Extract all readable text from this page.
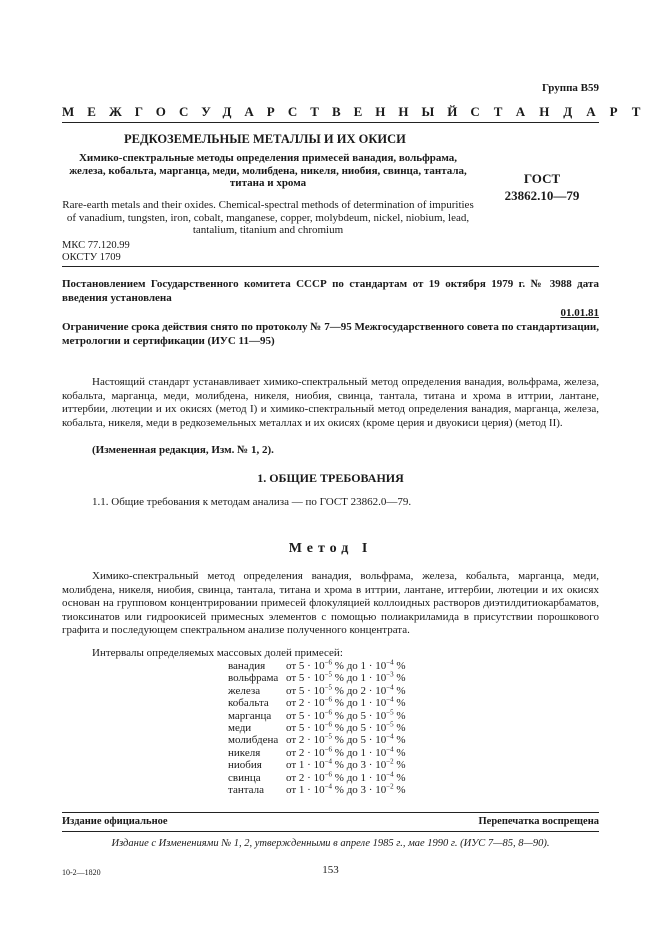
Группа B59
МЕЖГОСУДАРСТВЕННЫЙ СТАНДАРТ
РЕДКОЗЕМЕЛЬНЫЕ МЕТАЛЛЫ И ИХ ОКИСИ
Химико-спектральные методы определения примесей ванадия, вольфрама, железа, кобальта, марганца, меди, молибдена, никеля, ниобия, свинца, тантала, титана и хрома
Rare-earth metals and their oxides. Chemical-spectral methods of determination of impurities of vanadium, tungsten, iron, cobalt, manganese, copper, molybdeum, nickel, niobium, lead, tantalium, titanium and chromium
ГОСТ
23862.10—79
МКС 77.120.99
ОКСТУ 1709
Постановлением Государственного комитета СССР по стандартам от 19 октября 1979 г. № 3988 дата введения установлена
01.01.81
Ограничение срока действия снято по протоколу № 7—95 Межгосударственного совета по стандартизации, метрологии и сертификации (ИУС 11—95)
Настоящий стандарт устанавливает химико-спектральный метод определения ванадия, вольфрама, железа, кобальта, марганца, меди, молибдена, никеля, ниобия, свинца, тантала, титана и хрома в иттрии, лантане, иттербии, лютеции и их окисях (метод I) и химико-спектральный метод определения ванадия, марганца, железа, кобальта, никеля, меди в редкоземельных металлах и их окисях (кроме церия и двуокиси церия) (метод II).
(Измененная редакция, Изм. № 1, 2).
1. ОБЩИЕ ТРЕБОВАНИЯ
1.1. Общие требования к методам анализа — по ГОСТ 23862.0—79.
Метод I
Химико-спектральный метод определения ванадия, вольфрама, железа, кобальта, марганца, меди, молибдена, никеля, ниобия, свинца, тантала, титана и хрома в иттрии, лантане, иттербии, лютеции и их окисях основан на групповом концентрировании примесей флокуляцией коллоидных растворов диэтилдитиокарбаматов, тиоксинатов или гидроокисей примесных элементов с помощью полиакриламида в присутствии порошкового графита и последующем спектральном анализе полученного концентрата.
Интервалы определяемых массовых долей примесей:
ванадия	от $5 \cdot 10^{-6}$ % до $1 \cdot 10^{-4}$ %
вольфрама	от $5 \cdot 10^{-5}$ % до $1 \cdot 10^{-3}$ %
железа	от $5 \cdot 10^{-5}$ % до $2 \cdot 10^{-4}$ %
кобальта	от $2 \cdot 10^{-6}$ % до $1 \cdot 10^{-4}$ %
марганца	от $5 \cdot 10^{-6}$ % до $5 \cdot 10^{-5}$ %
меди	от $5 \cdot 10^{-6}$ % до $5 \cdot 10^{-5}$ %
молибдена	от $2 \cdot 10^{-5}$ % до $5 \cdot 10^{-4}$ %
никеля	от $2 \cdot 10^{-6}$ % до $1 \cdot 10^{-4}$ %
ниобия	от $1 \cdot 10^{-4}$ % до $3 \cdot 10^{-2}$ %
свинца	от $2 \cdot 10^{-6}$ % до $1 \cdot 10^{-4}$ %
тантала	от $1 \cdot 10^{-4}$ % до $3 \cdot 10^{-2}$ %
Издание официальное	Перепечатка воспрещена
Издание с Изменениями № 1, 2, утвержденными в апреле 1985 г., мае 1990 г. (ИУС 7—85, 8—90).
10-2—1820	153
